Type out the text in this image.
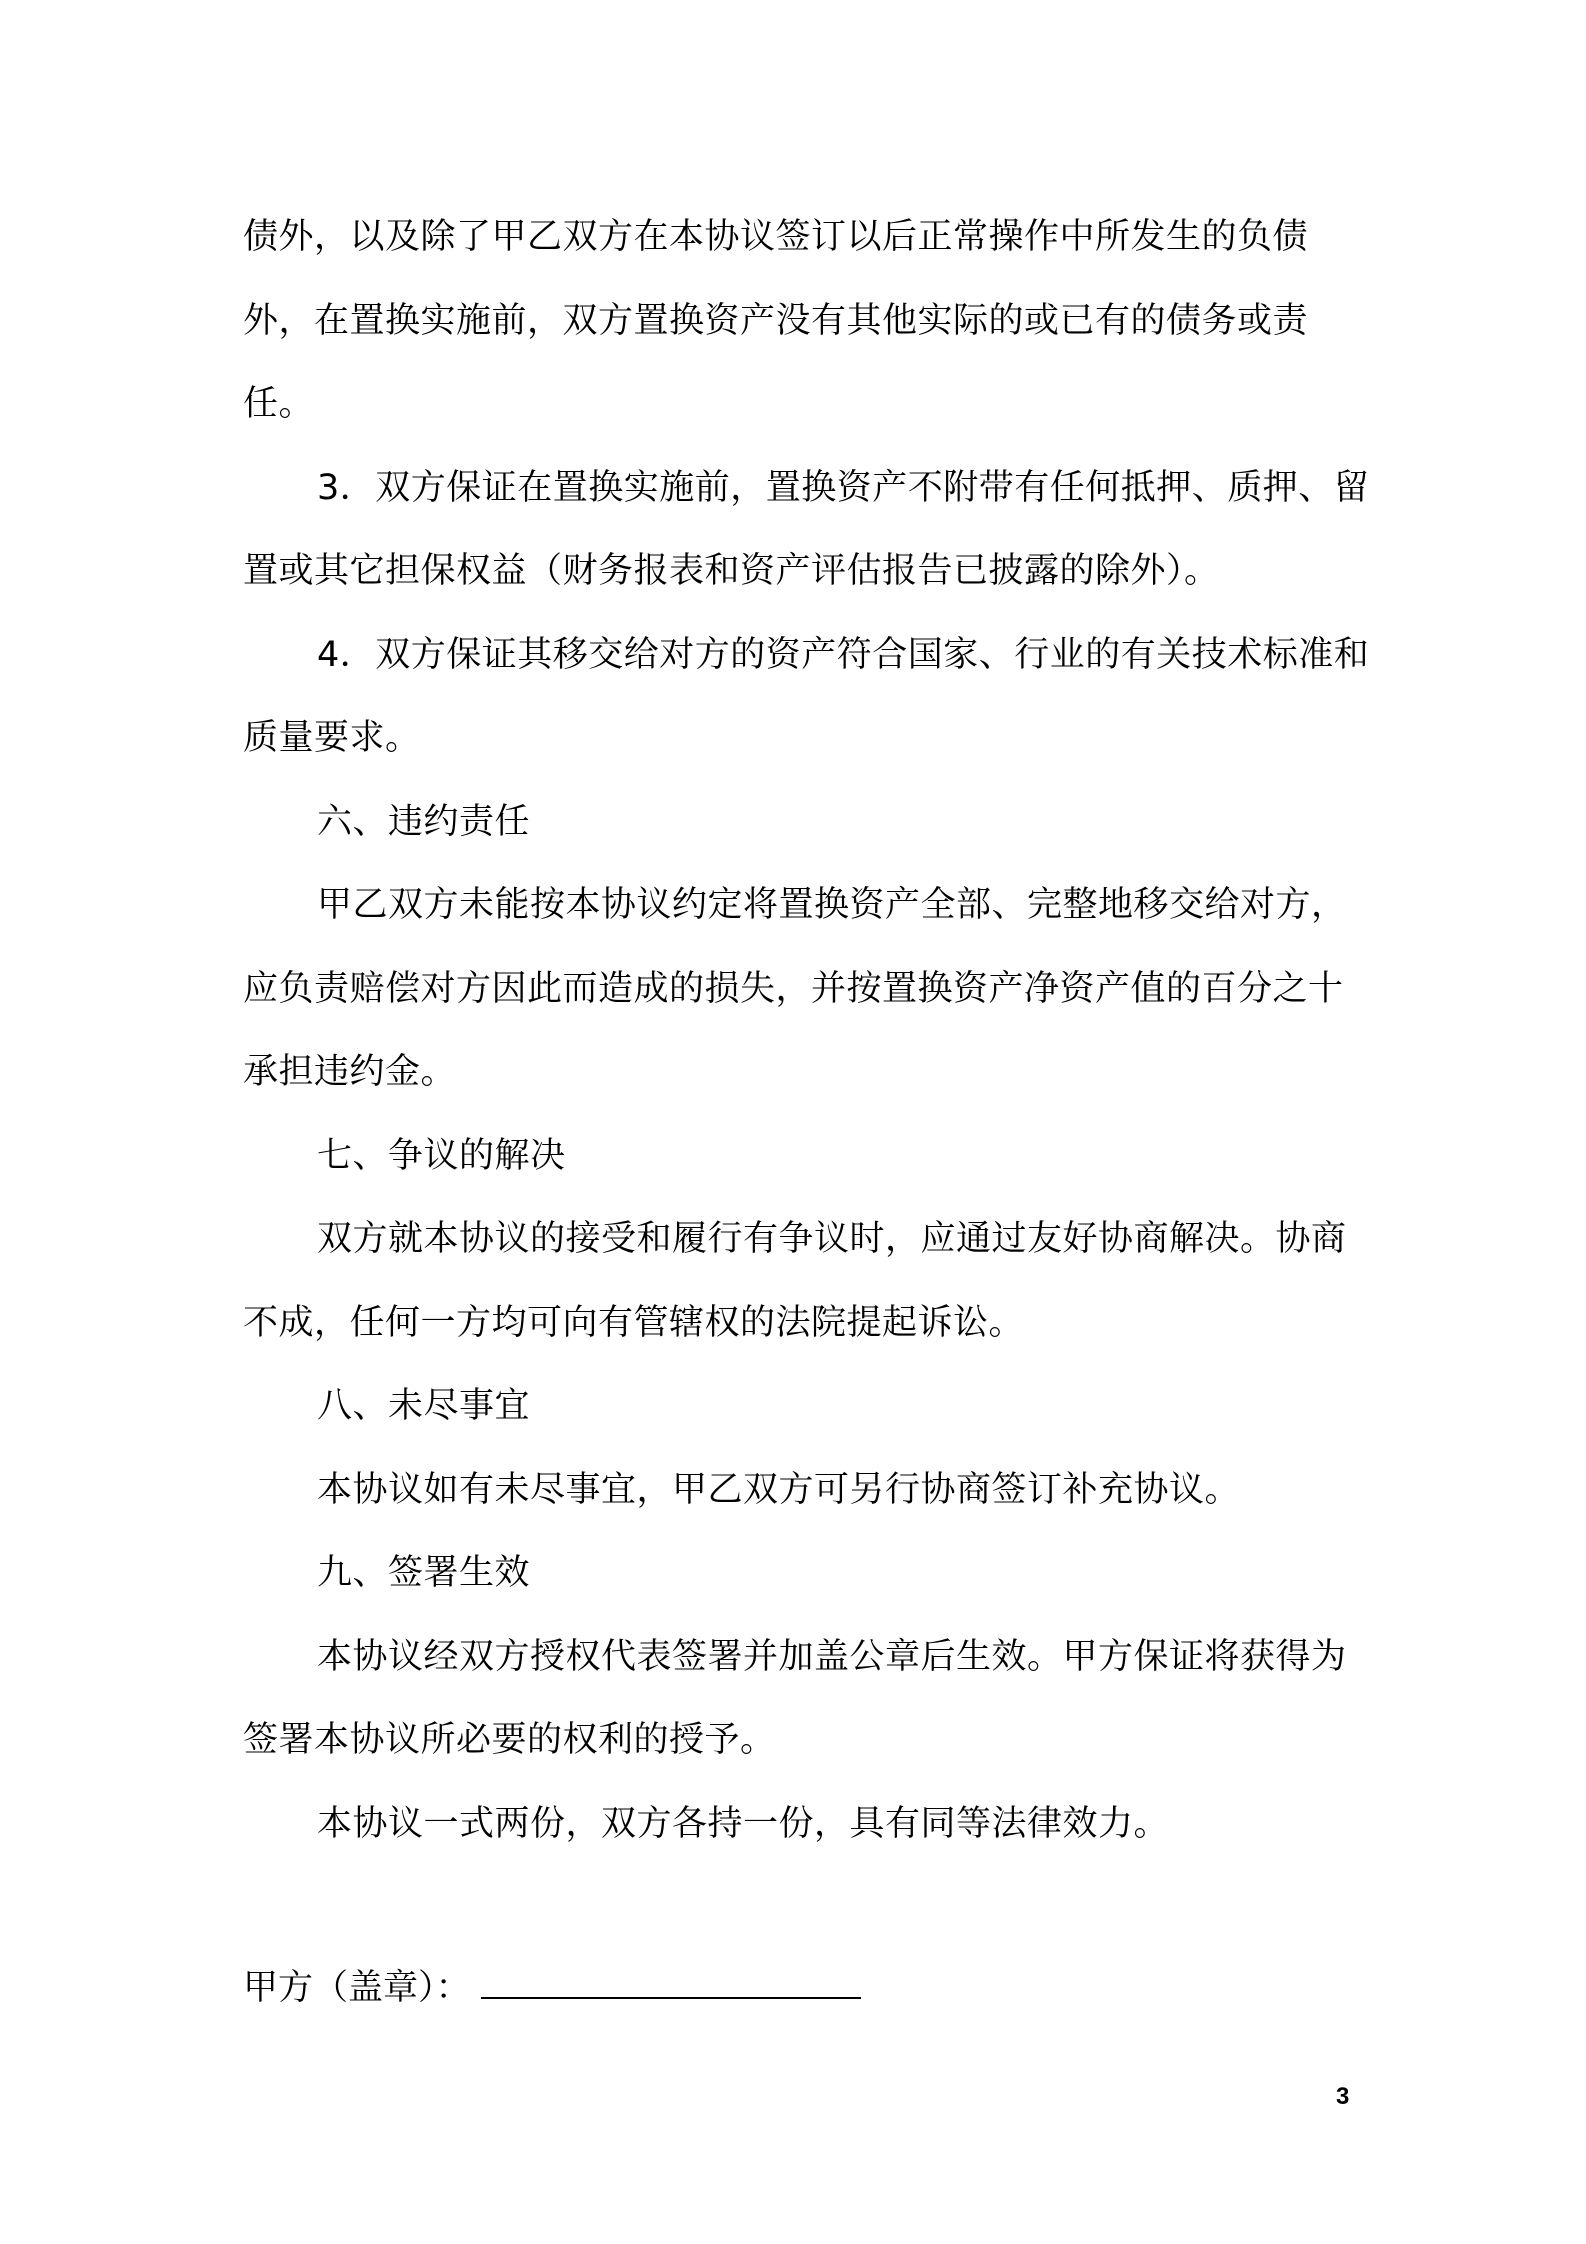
债外，以及除了甲乙双方在本协议签订以后正常操作中所发生的负债外，在置换实施前，双方置换资产没有其他实际的或已有的债务或责任。

3．双方保证在置换实施前，置换资产不附带有任何抵押、质押、留置或其它担保权益（财务报表和资产评估报告已披露的除外）。

4．双方保证其移交给对方的资产符合国家、行业的有关技术标准和质量要求。

六、违约责任

甲乙双方未能按本协议约定将置换资产全部、完整地移交给对方，应负责赔偿对方因此而造成的损失，并按置换资产净资产值的百分之十承担违约金。

七、争议的解决

双方就本协议的接受和履行有争议时，应通过友好协商解决。协商不成，任何一方均可向有管辖权的法院提起诉讼。

八、未尽事宜

本协议如有未尽事宜，甲乙双方可另行协商签订补充协议。

九、签署生效

本协议经双方授权代表签署并加盖公章后生效。甲方保证将获得为签署本协议所必要的权利的授予。

本协议一式两份，双方各持一份，具有同等法律效力。

甲方（盖章）：
3
